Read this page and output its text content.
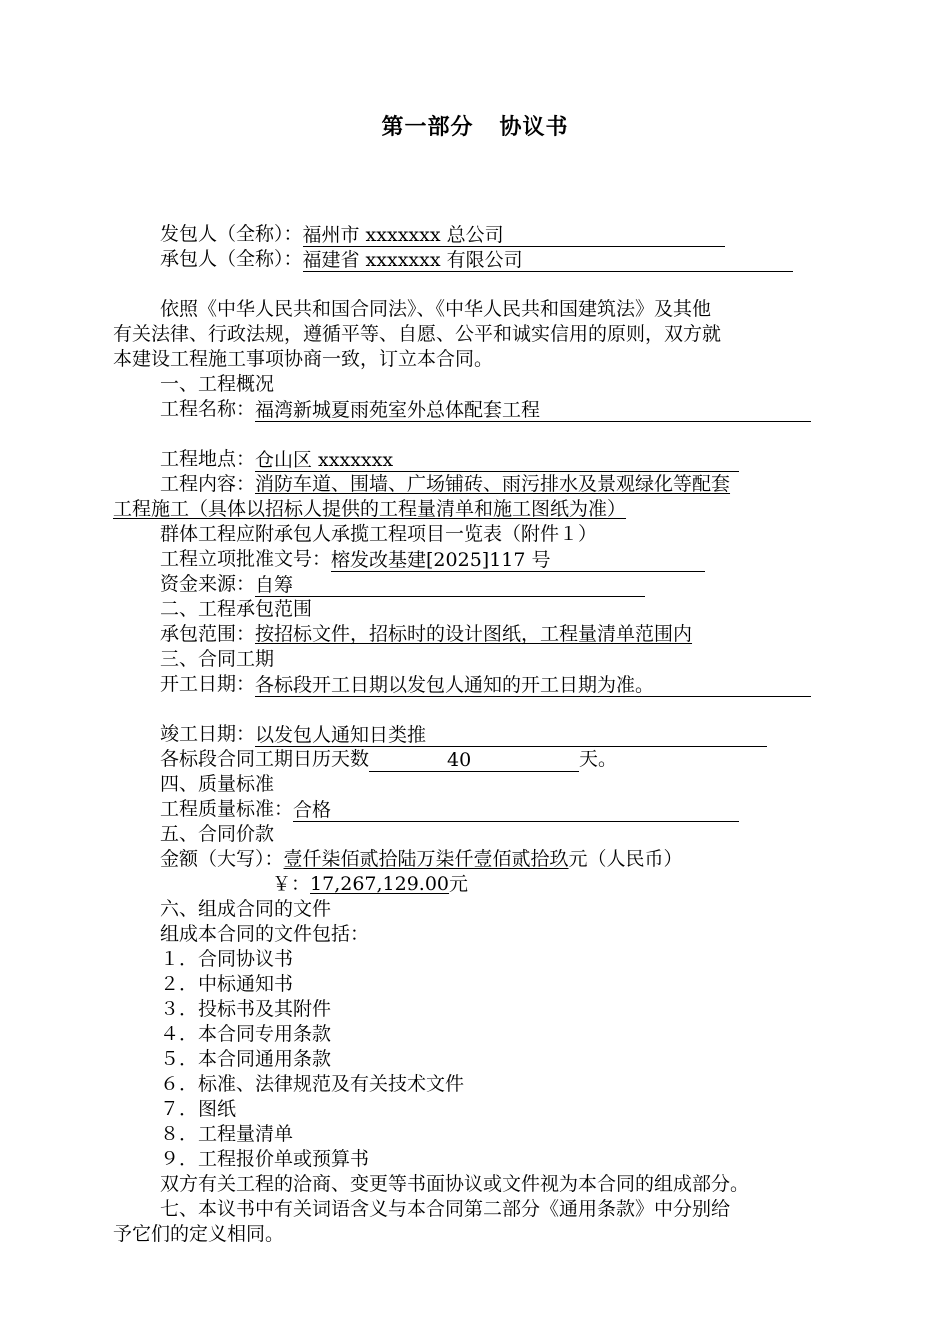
第一部分 协议书
发包人（全称）：福州市 xxxxxxx 总公司
承包人（全称）：福建省 xxxxxxx 有限公司
依照《中华人民共和国合同法》、《中华人民共和国建筑法》及其他
有关法律、行政法规，遵循平等、自愿、公平和诚实信用的原则，双方就
本建设工程施工事项协商一致，订立本合同。
一、工程概况
工程名称：福湾新城夏雨苑室外总体配套工程
工程地点：仓山区 xxxxxxx
工程内容：消防车道、围墙、广场铺砖、雨污排水及景观绿化等配套
工程施工（具体以招标人提供的工程量清单和施工图纸为准）
群体工程应附承包人承揽工程项目一览表（附件１）
工程立项批准文号：榕发改基建[2025]117 号
资金来源：自筹
二、工程承包范围
承包范围：按招标文件，招标时的设计图纸，工程量清单范围内
三、合同工期
开工日期：各标段开工日期以发包人通知的开工日期为准。
竣工日期：以发包人通知日类推
各标段合同工期日历天数	40	天。
四、质量标准
工程质量标准：合格
五、合同价款
金额（大写）：壹仟柒佰贰拾陆万柒仟壹佰贰拾玖元（人民币）
￥：17,267,129.00元
六、组成合同的文件
组成本合同的文件包括：
１．合同协议书
２．中标通知书
３．投标书及其附件
４．本合同专用条款
５．本合同通用条款
６．标准、法律规范及有关技术文件
７．图纸
８．工程量清单
９．工程报价单或预算书
双方有关工程的洽商、变更等书面协议或文件视为本合同的组成部分。
七、本议书中有关词语含义与本合同第二部分《通用条款》中分别给
予它们的定义相同。
